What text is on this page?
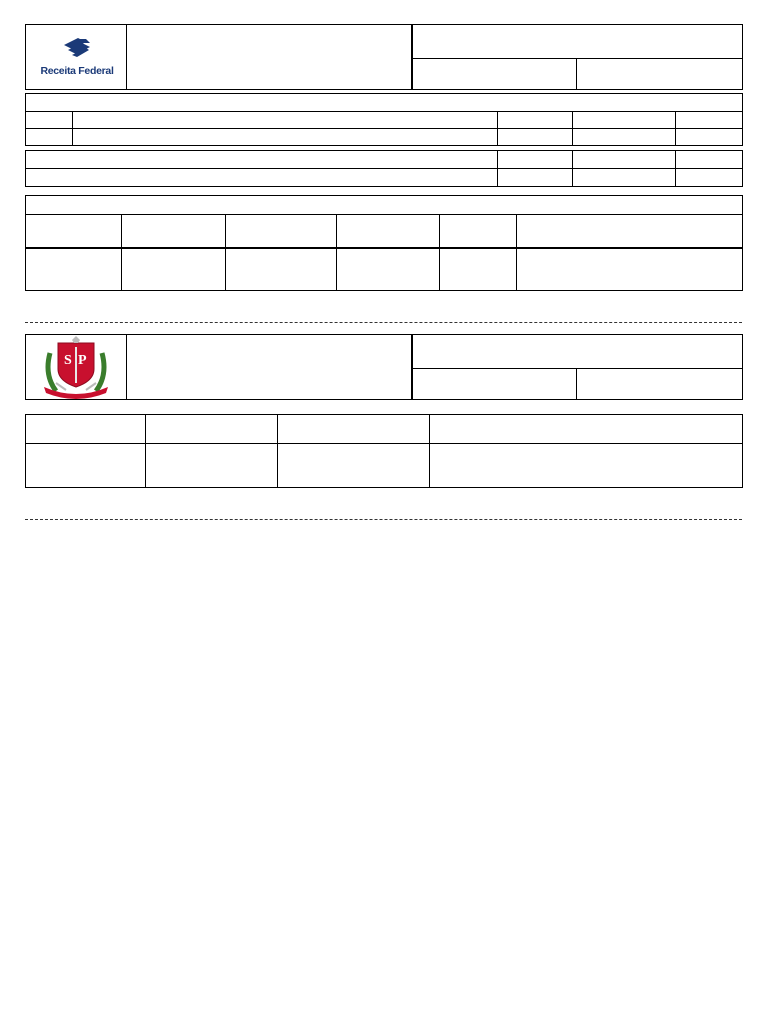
Receita Federal
S P
